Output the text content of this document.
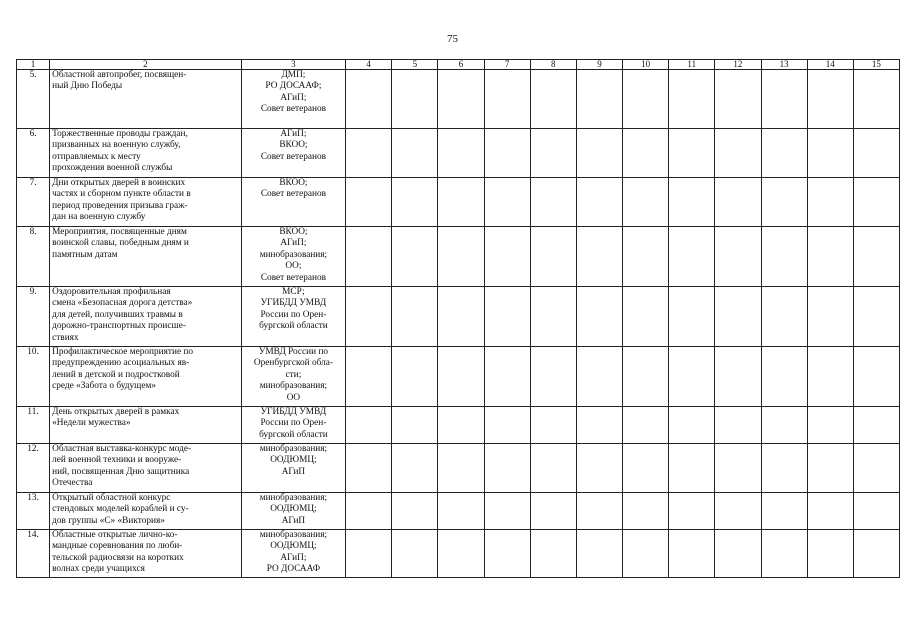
75
1	2	3	4	5	6	7	8	9	10	11	12	13	14	15
5.	Областной автопробег, посвящен-
ный Дню Победы	ДМП;
РО ДОСААФ;
АГиП;
Совет ветеранов												
6.	Торжественные проводы граждан,
призванных на военную службу,
отправляемых к месту
прохождения военной службы	АГиП;
ВКОО;
Совет ветеранов												
7.	Дни открытых дверей в воинских
частях и сборном пункте области в
период проведения призыва граж-
дан на военную службу	ВКОО;
Совет ветеранов												
8.	Мероприятия, посвященные дням
воинской славы, победным дням и
памятным датам	ВКОО;
АГиП;
минобразования;
ОО;
Совет ветеранов												
9.	Оздоровительная профильная
смена «Безопасная дорога детства»
для детей, получивших травмы в
дорожно-транспортных происше-
ствиях	МСР;
УГИБДД УМВД
России по Орен-
бургской области												
10.	Профилактическое мероприятие по
предупреждению асоциальных яв-
лений в детской и подростковой
среде «Забота о будущем»	УМВД России по
Оренбургской обла-
сти;
минобразования;
ОО												
11.	День открытых дверей в рамках
«Недели мужества»	УГИБДД УМВД
России по Орен-
бургской области												
12.	Областная выставка-конкурс моде-
лей военной техники и вооруже-
ний, посвященная Дню защитника
Отечества	минобразования;
ООДЮМЦ;
АГиП												
13.	Открытый областной конкурс
стендовых моделей кораблей и су-
дов группы «С» «Виктория»	минобразования;
ООДЮМЦ;
АГиП												
14.	Областные открытые лично-ко-
мандные соревнования по люби-
тельской радиосвязи на коротких
волнах среди учащихся	минобразования;
ООДЮМЦ;
АГиП;
РО ДОСААФ												
